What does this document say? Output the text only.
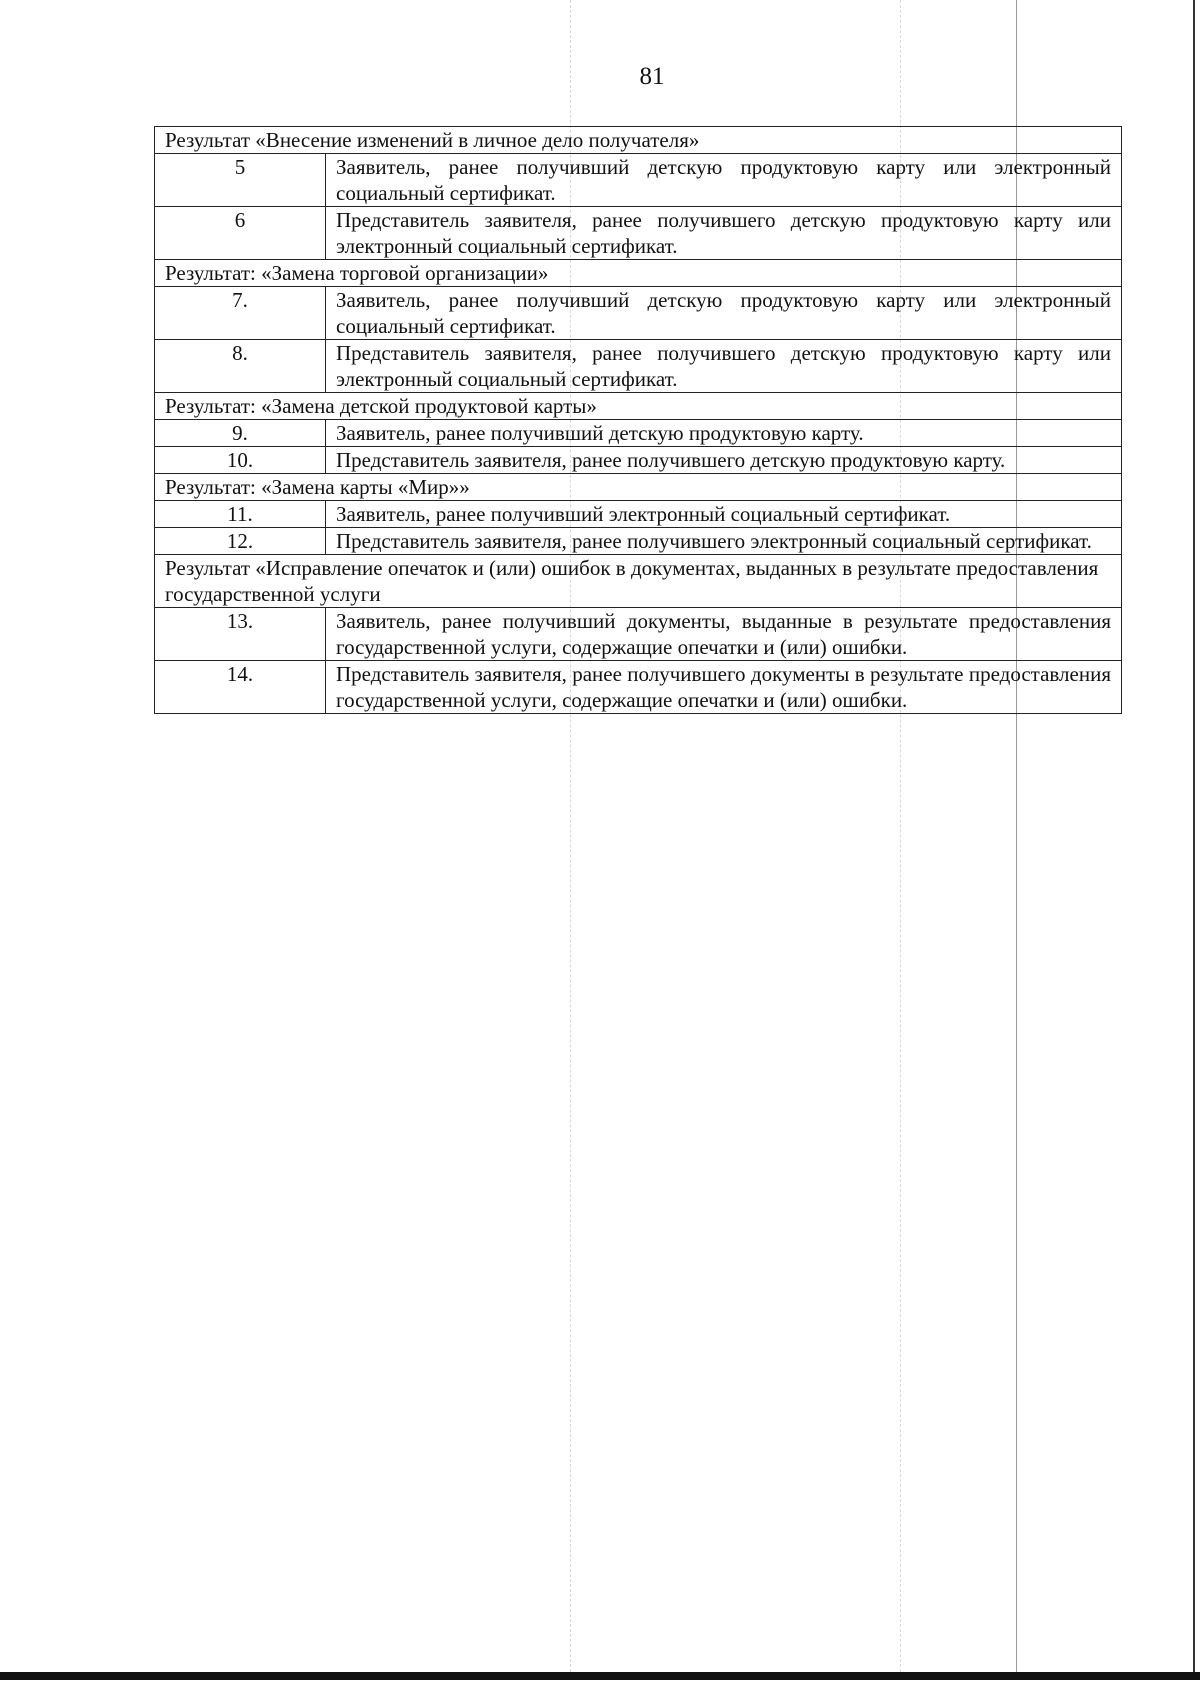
81
Результат «Внесение изменений в личное дело получателя»	
5	Заявитель, ранее получивший детскую продуктовую карту или электронный социальный сертификат.
6	Представитель заявителя, ранее получившего детскую продуктовую карту или электронный социальный сертификат.
Результат: «Замена торговой организации»	
7.	Заявитель, ранее получивший детскую продуктовую карту или электронный социальный сертификат.
8.	Представитель заявителя, ранее получившего детскую продуктовую карту или электронный социальный сертификат.
Результат: «Замена детской продуктовой карты»	
9.	Заявитель, ранее получивший детскую продуктовую карту.
10.	Представитель заявителя, ранее получившего детскую продуктовую карту.
Результат: «Замена карты «Мир»»	
11.	Заявитель, ранее получивший электронный социальный сертификат.
12.	Представитель заявителя, ранее получившего электронный социальный сертификат.
Результат «Исправление опечаток и (или) ошибок в документах, выданных в результате предоставления государственной услуги	
13.	Заявитель, ранее получивший документы, выданные в результате предоставления государственной услуги, содержащие опечатки и (или) ошибки.
14.	Представитель заявителя, ранее получившего документы в результате предоставления государственной услуги, содержащие опечатки и (или) ошибки.
